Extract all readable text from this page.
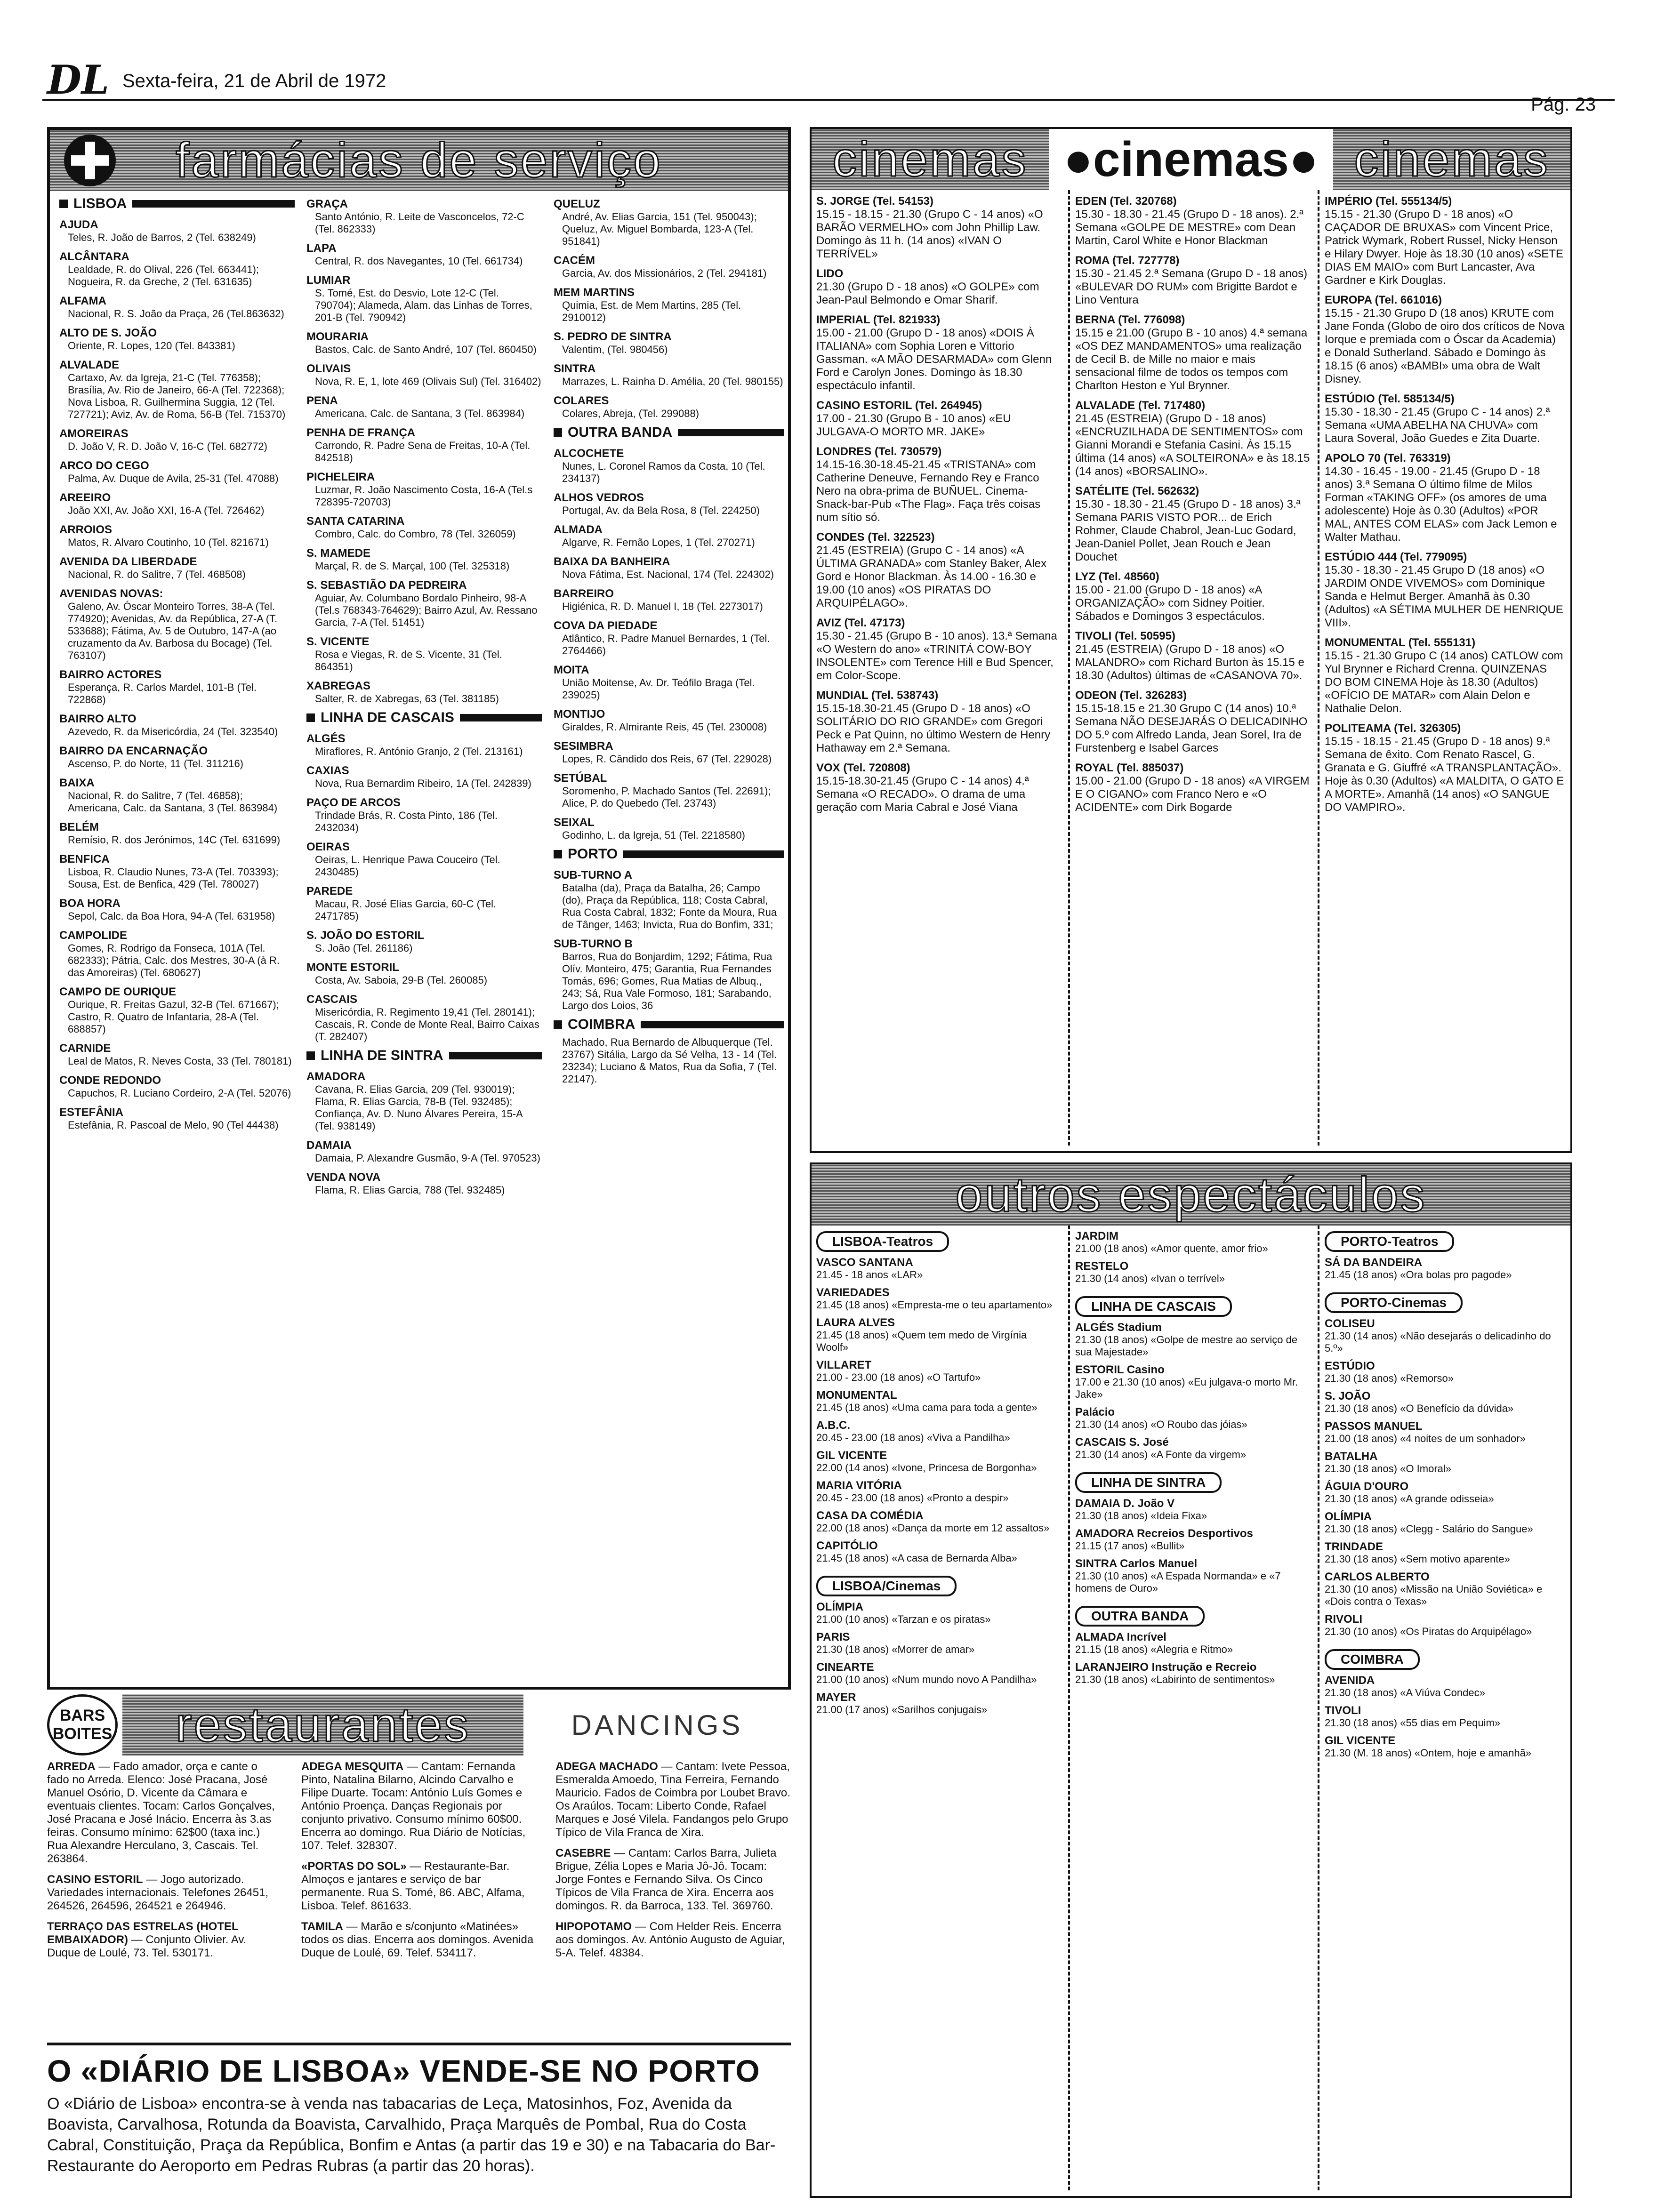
DL Sexta-feira, 21 de Abril de 1972
Pág. 23
farmácias de serviço
LISBOA
AJUDA
Teles, R. João de Barros, 2 (Tel. 638249)
ALCÂNTARA
Lealdade, R. do Olival, 226 (Tel. 663441); Nogueira, R. da Greche, 2 (Tel. 631635)
ALFAMA
Nacional, R. S. João da Praça, 26 (Tel.863632)
ALTO DE S. JOÃO
Oriente, R. Lopes, 120 (Tel. 843381)
ALVALADE
Cartaxo, Av. da Igreja, 21-C (Tel. 776358); Brasília, Av. Rio de Janeiro, 66-A (Tel. 722368); Nova Lisboa, R. Guilhermina Suggia, 12 (Tel. 727721); Aviz, Av. de Roma, 56-B (Tel. 715370)
AMOREIRAS
D. João V, R. D. João V, 16-C (Tel. 682772)
ARCO DO CEGO
Palma, Av. Duque de Avila, 25-31 (Tel. 47088)
AREEIRO
João XXI, Av. João XXI, 16-A (Tel. 726462)
ARROIOS
Matos, R. Alvaro Coutinho, 10 (Tel. 821671)
AVENIDA DA LIBERDADE
Nacional, R. do Salitre, 7 (Tel. 468508)
AVENIDAS NOVAS:
Galeno, Av. Óscar Monteiro Torres, 38-A (Tel. 774920); Avenidas, Av. da República, 27-A (T. 533688); Fátima, Av. 5 de Outubro, 147-A (ao cruzamento da Av. Barbosa du Bocage) (Tel. 763107)
BAIRRO ACTORES
Esperança, R. Carlos Mardel, 101-B (Tel. 722868)
BAIRRO ALTO
Azevedo, R. da Misericórdia, 24 (Tel. 323540)
BAIRRO DA ENCARNAÇÃO
Ascenso, P. do Norte, 11 (Tel. 311216)
BAIXA
Nacional, R. do Salitre, 7 (Tel. 46858); Americana, Calc. da Santana, 3 (Tel. 863984)
BELÉM
Remísio, R. dos Jerónimos, 14C (Tel. 631699)
BENFICA
Lisboa, R. Claudio Nunes, 73-A (Tel. 703393); Sousa, Est. de Benfica, 429 (Tel. 780027)
BOA HORA
Sepol, Calc. da Boa Hora, 94-A (Tel. 631958)
CAMPOLIDE
Gomes, R. Rodrigo da Fonseca, 101A (Tel. 682333); Pátria, Calc. dos Mestres, 30-A (à R. das Amoreiras) (Tel. 680627)
CAMPO DE OURIQUE
Ourique, R. Freitas Gazul, 32-B (Tel. 671667); Castro, R. Quatro de Infantaria, 28-A (Tel. 688857)
CARNIDE
Leal de Matos, R. Neves Costa, 33 (Tel. 780181)
CONDE REDONDO
Capuchos, R. Luciano Cordeiro, 2-A (Tel. 52076)
ESTEFÂNIA
Estefânia, R. Pascoal de Melo, 90 (Tel 44438)
GRAÇA
Santo António, R. Leite de Vasconcelos, 72-C (Tel. 862333)
LAPA
Central, R. dos Navegantes, 10 (Tel. 661734)
LUMIAR
S. Tomé, Est. do Desvio, Lote 12-C (Tel. 790704); Alameda, Alam. das Linhas de Torres, 201-B (Tel. 790942)
MOURARIA
Bastos, Calc. de Santo André, 107 (Tel. 860450)
OLIVAIS
Nova, R. E, 1, lote 469 (Olivais Sul) (Tel. 316402)
PENA
Americana, Calc. de Santana, 3 (Tel. 863984)
PENHA DE FRANÇA
Carrondo, R. Padre Sena de Freitas, 10-A (Tel. 842518)
PICHELEIRA
Luzmar, R. João Nascimento Costa, 16-A (Tel.s 728395-720703)
SANTA CATARINA
Combro, Calc. do Combro, 78 (Tel. 326059)
S. MAMEDE
Marçal, R. de S. Marçal, 100 (Tel. 325318)
S. SEBASTIÃO DA PEDREIRA
Aguiar, Av. Columbano Bordalo Pinheiro, 98-A (Tel.s 768343-764629); Bairro Azul, Av. Ressano Garcia, 7-A (Tel. 51451)
S. VICENTE
Rosa e Viegas, R. de S. Vicente, 31 (Tel. 864351)
XABREGAS
Salter, R. de Xabregas, 63 (Tel. 381185)
LINHA DE CASCAIS
ALGÉS
Miraflores, R. António Granjo, 2 (Tel. 213161)
CAXIAS
Nova, Rua Bernardim Ribeiro, 1A (Tel. 242839)
PAÇO DE ARCOS
Trindade Brás, R. Costa Pinto, 186 (Tel. 2432034)
OEIRAS
Oeiras, L. Henrique Pawa Couceiro (Tel. 2430485)
PAREDE
Macau, R. José Elias Garcia, 60-C (Tel. 2471785)
S. JOÃO DO ESTORIL
S. João (Tel. 261186)
MONTE ESTORIL
Costa, Av. Saboia, 29-B (Tel. 260085)
CASCAIS
Misericórdia, R. Regimento 19,41 (Tel. 280141); Cascais, R. Conde de Monte Real, Bairro Caixas (T. 282407)
LINHA DE SINTRA
AMADORA
Cavana, R. Elias Garcia, 209 (Tel. 930019); Flama, R. Elias Garcia, 78-B (Tel. 932485); Confiança, Av. D. Nuno Álvares Pereira, 15-A (Tel. 938149)
DAMAIA
Damaia, P. Alexandre Gusmão, 9-A (Tel. 970523)
VENDA NOVA
Flama, R. Elias Garcia, 788 (Tel. 932485)
QUELUZ
André, Av. Elias Garcia, 151 (Tel. 950043); Queluz, Av. Miguel Bombarda, 123-A (Tel. 951841)
CACÉM
Garcia, Av. dos Missionários, 2 (Tel. 294181)
MEM MARTINS
Quimia, Est. de Mem Martins, 285 (Tel. 2910012)
S. PEDRO DE SINTRA
Valentim, (Tel. 980456)
SINTRA
Marrazes, L. Rainha D. Amélia, 20 (Tel. 980155)
COLARES
Colares, Abreja, (Tel. 299088)
OUTRA BANDA
ALCOCHETE
Nunes, L. Coronel Ramos da Costa, 10 (Tel. 234137)
ALHOS VEDROS
Portugal, Av. da Bela Rosa, 8 (Tel. 224250)
ALMADA
Algarve, R. Fernão Lopes, 1 (Tel. 270271)
BAIXA DA BANHEIRA
Nova Fátima, Est. Nacional, 174 (Tel. 224302)
BARREIRO
Higiénica, R. D. Manuel I, 18 (Tel. 2273017)
COVA DA PIEDADE
Atlântico, R. Padre Manuel Bernardes, 1 (Tel. 2764466)
MOITA
União Moitense, Av. Dr. Teófilo Braga (Tel. 239025)
MONTIJO
Giraldes, R. Almirante Reis, 45 (Tel. 230008)
SESIMBRA
Lopes, R. Cândido dos Reis, 67 (Tel. 229028)
SETÚBAL
Soromenho, P. Machado Santos (Tel. 22691); Alice, P. do Quebedo (Tel. 23743)
SEIXAL
Godinho, L. da Igreja, 51 (Tel. 2218580)
PORTO
SUB-TURNO A
Batalha (da), Praça da Batalha, 26; Campo (do), Praça da República, 118; Costa Cabral, Rua Costa Cabral, 1832; Fonte da Moura, Rua de Tânger, 1463; Invicta, Rua do Bonfim, 331;
SUB-TURNO B
Barros, Rua do Bonjardim, 1292; Fátima, Rua Olív. Monteiro, 475; Garantia, Rua Fernandes Tomás, 696; Gomes, Rua Matias de Albuq., 243; Sá, Rua Vale Formoso, 181; Sarabando, Largo dos Loios, 36
COIMBRA
Machado, Rua Bernardo de Albuquerque (Tel. 23767) Sitália, Largo da Sé Velha, 13 - 14 (Tel. 23234); Luciano & Matos, Rua da Sofia, 7 (Tel. 22147).
cinemas ●cinemas● cinemas
S. JORGE (Tel. 54153)
15.15 - 18.15 - 21.30 (Grupo C - 14 anos) «O BARÃO VERMELHO» com John Phillip Law. Domingo às 11 h. (14 anos) «IVAN O TERRÍVEL»
LIDO
21.30 (Grupo D - 18 anos) «O GOLPE» com Jean-Paul Belmondo e Omar Sharif.
IMPERIAL (Tel. 821933)
15.00 - 21.00 (Grupo D - 18 anos) «DOIS À ITALIANA» com Sophia Loren e Vittorio Gassman. «A MÃO DESARMADA» com Glenn Ford e Carolyn Jones. Domingo às 18.30 espectáculo infantil.
CASINO ESTORIL (Tel. 264945)
17.00 - 21.30 (Grupo B - 10 anos) «EU JULGAVA-O MORTO MR. JAKE»
LONDRES (Tel. 730579)
14.15-16.30-18.45-21.45 «TRISTANA» com Catherine Deneuve, Fernando Rey e Franco Nero na obra-prima de BUÑUEL. Cinema-Snack-bar-Pub «The Flag». Faça três coisas num sítio só.
CONDES (Tel. 322523)
21.45 (ESTREIA) (Grupo C - 14 anos) «A ÚLTIMA GRANADA» com Stanley Baker, Alex Gord e Honor Blackman. Às 14.00 - 16.30 e 19.00 (10 anos) «OS PIRATAS DO ARQUIPÉLAGO».
AVIZ (Tel. 47173)
15.30 - 21.45 (Grupo B - 10 anos). 13.ª Semana «O Western do ano» «TRINITÁ COW-BOY INSOLENTE» com Terence Hill e Bud Spencer, em Color-Scope.
MUNDIAL (Tel. 538743)
15.15-18.30-21.45 (Grupo D - 18 anos) «O SOLITÁRIO DO RIO GRANDE» com Gregori Peck e Pat Quinn, no último Western de Henry Hathaway em 2.ª Semana.
VOX (Tel. 720808)
15.15-18.30-21.45 (Grupo C - 14 anos) 4.ª Semana «O RECADO». O drama de uma geração com Maria Cabral e José Viana
EDEN (Tel. 320768)
15.30 - 18.30 - 21.45 (Grupo D - 18 anos). 2.ª Semana «GOLPE DE MESTRE» com Dean Martin, Carol White e Honor Blackman
ROMA (Tel. 727778)
15.30 - 21.45 2.ª Semana (Grupo D - 18 anos) «BULEVAR DO RUM» com Brigitte Bardot e Lino Ventura
BERNA (Tel. 776098)
15.15 e 21.00 (Grupo B - 10 anos) 4.ª semana «OS DEZ MANDAMENTOS» uma realização de Cecil B. de Mille no maior e mais sensacional filme de todos os tempos com Charlton Heston e Yul Brynner.
ALVALADE (Tel. 717480)
21.45 (ESTREIA) (Grupo D - 18 anos) «ENCRUZILHADA DE SENTIMENTOS» com Gianni Morandi e Stefania Casini. Às 15.15 última (14 anos) «A SOLTEIRONA» e às 18.15 (14 anos) «BORSALINO».
SATÉLITE (Tel. 562632)
15.30 - 18.30 - 21.45 (Grupo D - 18 anos) 3.ª Semana PARIS VISTO POR... de Erich Rohmer, Claude Chabrol, Jean-Luc Godard, Jean-Daniel Pollet, Jean Rouch e Jean Douchet
LYZ (Tel. 48560)
15.00 - 21.00 (Grupo D - 18 anos) «A ORGANIZAÇÃO» com Sidney Poitier. Sábados e Domingos 3 espectáculos.
TIVOLI (Tel. 50595)
21.45 (ESTREIA) (Grupo D - 18 anos) «O MALANDRO» com Richard Burton às 15.15 e 18.30 (Adultos) últimas de «CASANOVA 70».
ODEON (Tel. 326283)
15.15-18.15 e 21.30 Grupo C (14 anos) 10.ª Semana NÃO DESEJARÁS O DELICADINHO DO 5.º com Alfredo Landa, Jean Sorel, Ira de Furstenberg e Isabel Garces
ROYAL (Tel. 885037)
15.00 - 21.00 (Grupo D - 18 anos) «A VIRGEM E O CIGANO» com Franco Nero e «O ACIDENTE» com Dirk Bogarde
IMPÉRIO (Tel. 555134/5)
15.15 - 21.30 (Grupo D - 18 anos) «O CAÇADOR DE BRUXAS» com Vincent Price, Patrick Wymark, Robert Russel, Nicky Henson e Hilary Dwyer. Hoje às 18.30 (10 anos) «SETE DIAS EM MAIO» com Burt Lancaster, Ava Gardner e Kirk Douglas.
EUROPA (Tel. 661016)
15.15 - 21.30 Grupo D (18 anos) KRUTE com Jane Fonda (Globo de oiro dos críticos de Nova Iorque e premiada com o Óscar da Academia) e Donald Sutherland. Sábado e Domingo às 18.15 (6 anos) «BAMBI» uma obra de Walt Disney.
ESTÚDIO (Tel. 585134/5)
15.30 - 18.30 - 21.45 (Grupo C - 14 anos) 2.ª Semana «UMA ABELHA NA CHUVA» com Laura Soveral, João Guedes e Zita Duarte.
APOLO 70 (Tel. 763319)
14.30 - 16.45 - 19.00 - 21.45 (Grupo D - 18 anos) 3.ª Semana O último filme de Milos Forman «TAKING OFF» (os amores de uma adolescente) Hoje às 0.30 (Adultos) «POR MAL, ANTES COM ELAS» com Jack Lemon e Walter Mathau.
ESTÚDIO 444 (Tel. 779095)
15.30 - 18.30 - 21.45 Grupo D (18 anos) «O JARDIM ONDE VIVEMOS» com Dominique Sanda e Helmut Berger. Amanhã às 0.30 (Adultos) «A SÉTIMA MULHER DE HENRIQUE VIII».
MONUMENTAL (Tel. 555131)
15.15 - 21.30 Grupo C (14 anos) CATLOW com Yul Brynner e Richard Crenna. QUINZENAS DO BOM CINEMA Hoje às 18.30 (Adultos) «OFÍCIO DE MATAR» com Alain Delon e Nathalie Delon.
POLITEAMA (Tel. 326305)
15.15 - 18.15 - 21.45 (Grupo D - 18 anos) 9.ª Semana de êxito. Com Renato Rascel, G. Granata e G. Giuffré «A TRANSPLANTAÇÃO». Hoje às 0.30 (Adultos) «A MALDITA, O GATO E A MORTE». Amanhã (14 anos) «O SANGUE DO VAMPIRO».
outros espectáculos
LISBOA-Teatros
VASCO SANTANA
21.45 - 18 anos «LAR»
VARIEDADES
21.45 (18 anos) «Empresta-me o teu apartamento»
LAURA ALVES
21.45 (18 anos) «Quem tem medo de Virgínia Woolf»
VILLARET
21.00 - 23.00 (18 anos) «O Tartufo»
MONUMENTAL
21.45 (18 anos) «Uma cama para toda a gente»
A.B.C.
20.45 - 23.00 (18 anos) «Viva a Pandilha»
GIL VICENTE
22.00 (14 anos) «Ivone, Princesa de Borgonha»
MARIA VITÓRIA
20.45 - 23.00 (18 anos) «Pronto a despir»
CASA DA COMÉDIA
22.00 (18 anos) «Dança da morte em 12 assaltos»
CAPITÓLIO
21.45 (18 anos) «A casa de Bernarda Alba»
LISBOA/Cinemas
OLÍMPIA
21.00 (10 anos) «Tarzan e os piratas»
PARIS
21.30 (18 anos) «Morrer de amar»
CINEARTE
21.00 (10 anos) «Num mundo novo A Pandilha»
MAYER
21.00 (17 anos) «Sarilhos conjugais»
JARDIM
21.00 (18 anos) «Amor quente, amor frio»
RESTELO
21.30 (14 anos) «Ivan o terrível»
LINHA DE CASCAIS
ALGÉS Stadium
21.30 (18 anos) «Golpe de mestre ao serviço de sua Majestade»
ESTORIL Casino
17.00 e 21.30 (10 anos) «Eu julgava-o morto Mr. Jake»
Palácio
21.30 (14 anos) «O Roubo das jóias»
CASCAIS S. José
21.30 (14 anos) «A Fonte da virgem»
LINHA DE SINTRA
DAMAIA D. João V
21.30 (18 anos) «Ideia Fixa»
AMADORA Recreios Desportivos
21.15 (17 anos) «Bullit»
SINTRA Carlos Manuel
21.30 (10 anos) «A Espada Normanda» e «7 homens de Ouro»
OUTRA BANDA
ALMADA Incrível
21.15 (18 anos) «Alegria e Ritmo»
LARANJEIRO Instrução e Recreio
21.30 (18 anos) «Labirinto de sentimentos»
PORTO-Teatros
SÁ DA BANDEIRA
21.45 (18 anos) «Ora bolas pro pagode»
PORTO-Cinemas
COLISEU
21.30 (14 anos) «Não desejarás o delicadinho do 5.º»
ESTÚDIO
21.30 (18 anos) «Remorso»
S. JOÃO
21.30 (18 anos) «O Benefício da dúvida»
PASSOS MANUEL
21.00 (18 anos) «4 noites de um sonhador»
BATALHA
21.30 (18 anos) «O Imoral»
ÁGUIA D'OURO
21.30 (18 anos) «A grande odisseia»
OLÍMPIA
21.30 (18 anos) «Clegg - Salário do Sangue»
TRINDADE
21.30 (18 anos) «Sem motivo aparente»
CARLOS ALBERTO
21.30 (10 anos) «Missão na União Soviética» e «Dois contra o Texas»
RIVOLI
21.30 (10 anos) «Os Piratas do Arquipélago»
COIMBRA
AVENIDA
21.30 (18 anos) «A Viúva Condec»
TIVOLI
21.30 (18 anos) «55 dias em Pequim»
GIL VICENTE
21.30 (M. 18 anos) «Ontem, hoje e amanhã»
BARS
BOITES	restaurantes	DANCINGS
ARREDA — Fado amador, orça e cante o fado no Arreda. Elenco: José Pracana, José Manuel Osório, D. Vicente da Câmara e eventuais clientes. Tocam: Carlos Gonçalves, José Pracana e José Inácio. Encerra às 3.as feiras. Consumo mínimo: 62$00 (taxa inc.) Rua Alexandre Herculano, 3, Cascais. Tel. 263864.
CASINO ESTORIL — Jogo autorizado. Variedades internacionais. Telefones 26451, 264526, 264596, 264521 e 264946.
TERRAÇO DAS ESTRELAS (HOTEL EMBAIXADOR) — Conjunto Olivier. Av. Duque de Loulé, 73. Tel. 530171.
ADEGA MESQUITA — Cantam: Fernanda Pinto, Natalina Bilarno, Alcindo Carvalho e Filipe Duarte. Tocam: António Luís Gomes e António Proença. Danças Regionais por conjunto privativo. Consumo mínimo 60$00. Encerra ao domingo. Rua Diário de Notícias, 107. Telef. 328307.
«PORTAS DO SOL» — Restaurante-Bar. Almoços e jantares e serviço de bar permanente. Rua S. Tomé, 86. ABC, Alfama, Lisboa. Telef. 861633.
TAMILA — Marão e s/conjunto «Matinées» todos os dias. Encerra aos domingos. Avenida Duque de Loulé, 69. Telef. 534117.
ADEGA MACHADO — Cantam: Ivete Pessoa, Esmeralda Amoedo, Tina Ferreira, Fernando Mauricio. Fados de Coimbra por Loubet Bravo. Os Araúlos. Tocam: Liberto Conde, Rafael Marques e José Vilela. Fandangos pelo Grupo Típico de Vila Franca de Xira.
CASEBRE — Cantam: Carlos Barra, Julieta Brigue, Zélia Lopes e Maria Jô-Jô. Tocam: Jorge Fontes e Fernando Silva. Os Cinco Típicos de Vila Franca de Xira. Encerra aos domingos. R. da Barroca, 133. Tel. 369760.
HIPOPOTAMO — Com Helder Reis. Encerra aos domingos. Av. António Augusto de Aguiar, 5-A. Telef. 48384.
O «DIÁRIO DE LISBOA» VENDE-SE NO PORTO
O «Diário de Lisboa» encontra-se à venda nas tabacarias de Leça, Matosinhos, Foz, Avenida da Boavista, Carvalhosa, Rotunda da Boavista, Carvalhido, Praça Marquês de Pombal, Rua do Costa Cabral, Constituição, Praça da República, Bonfim e Antas (a partir das 19 e 30) e na Tabacaria do Bar-Restaurante do Aeroporto em Pedras Rubras (a partir das 20 horas).
